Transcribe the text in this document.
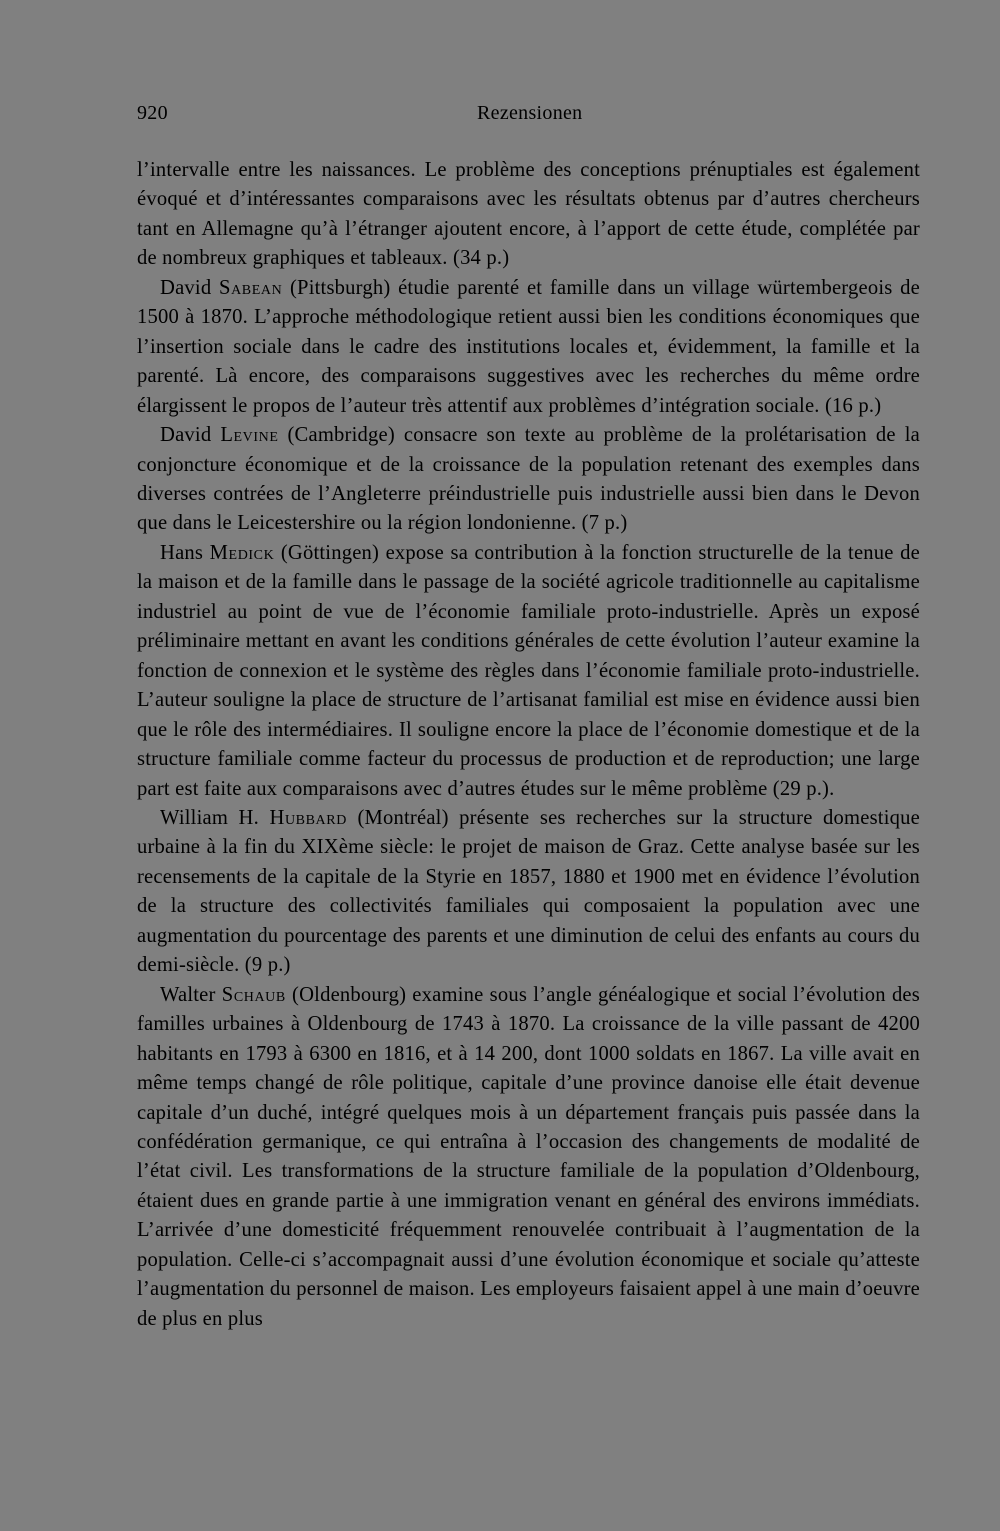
920	Rezensionen

l’intervalle entre les naissances. Le problème des conceptions prénuptiales est également évoqué et d’intéressantes comparaisons avec les résultats obtenus par d’autres chercheurs tant en Allemagne qu’à l’étranger ajoutent encore, à l’apport de cette étude, complétée par de nombreux graphiques et tableaux. (34 p.)

David Sabean (Pittsburgh) étudie parenté et famille dans un village würtembergeois de 1500 à 1870. L’approche méthodologique retient aussi bien les conditions économiques que l’insertion sociale dans le cadre des institutions locales et, évidemment, la famille et la parenté. Là encore, des comparaisons suggestives avec les recherches du même ordre élargissent le propos de l’auteur très attentif aux problèmes d’intégration sociale. (16 p.)

David Levine (Cambridge) consacre son texte au problème de la prolétarisation de la conjoncture économique et de la croissance de la population retenant des exemples dans diverses contrées de l’Angleterre préindustrielle puis industrielle aussi bien dans le Devon que dans le Leicestershire ou la région londonienne. (7 p.)

Hans Medick (Göttingen) expose sa contribution à la fonction structurelle de la tenue de la maison et de la famille dans le passage de la société agricole traditionnelle au capitalisme industriel au point de vue de l’économie familiale proto-industrielle. Après un exposé préliminaire mettant en avant les conditions générales de cette évolution l’auteur examine la fonction de connexion et le système des règles dans l’économie familiale proto-industrielle. L’auteur souligne la place de structure de l’artisanat familial est mise en évidence aussi bien que le rôle des intermédiaires. Il souligne encore la place de l’économie domestique et de la structure familiale comme facteur du processus de production et de reproduction; une large part est faite aux comparaisons avec d’autres études sur le même problème (29 p.).

William H. Hubbard (Montréal) présente ses recherches sur la structure domestique urbaine à la fin du XIXème siècle: le projet de maison de Graz. Cette analyse basée sur les recensements de la capitale de la Styrie en 1857, 1880 et 1900 met en évidence l’évolution de la structure des collectivités familiales qui composaient la population avec une augmentation du pourcentage des parents et une diminution de celui des enfants au cours du demi-siècle. (9 p.)

Walter Schaub (Oldenbourg) examine sous l’angle généalogique et social l’évolution des familles urbaines à Oldenbourg de 1743 à 1870. La croissance de la ville passant de 4200 habitants en 1793 à 6300 en 1816, et à 14 200, dont 1000 soldats en 1867. La ville avait en même temps changé de rôle politique, capitale d’une province danoise elle était devenue capitale d’un duché, intégré quelques mois à un département français puis passée dans la confédération germanique, ce qui entraîna à l’occasion des changements de modalité de l’état civil. Les transformations de la structure familiale de la population d’Oldenbourg, étaient dues en grande partie à une immigration venant en général des environs immédiats. L’arrivée d’une domesticité fréquemment renouvelée contribuait à l’augmentation de la population. Celle-ci s’accompagnait aussi d’une évolution économique et sociale qu’atteste l’augmentation du personnel de maison. Les employeurs faisaient appel à une main d’oeuvre de plus en plus
